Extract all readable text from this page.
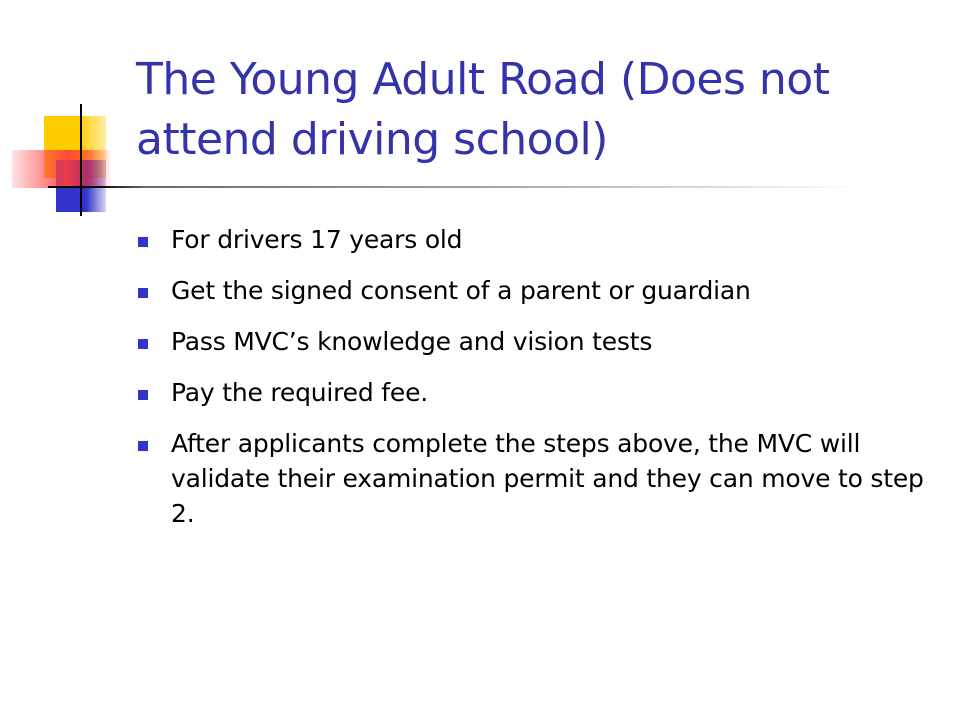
The Young Adult Road (Does not attend driving school)
For drivers 17 years old
Get the signed consent of a parent or guardian
Pass MVC’s knowledge and vision tests
Pay the required fee.
After applicants complete the steps above, the MVC will validate their examination permit and they can move to step 2.
